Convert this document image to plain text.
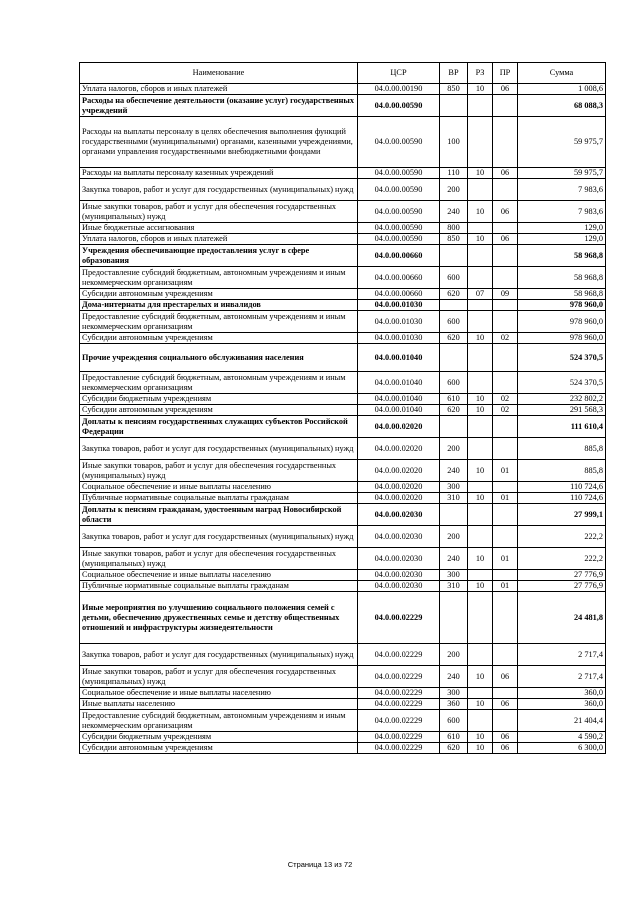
Наименование	ЦСР	ВР	РЗ	ПР	Сумма
Уплата налогов, сборов и иных платежей	04.0.00.00190	850	10	06	1 008,6
Расходы на обеспечение деятельности (оказание услуг) государственных учреждений	04.0.00.00590				68 088,3
Расходы на выплаты персоналу в целях обеспечения выполнения функций государственными (муниципальными) органами, казенными учреждениями, органами управления государственными внебюджетными фондами	04.0.00.00590	100			59 975,7
Расходы на выплаты персоналу казенных учреждений	04.0.00.00590	110	10	06	59 975,7
Закупка товаров, работ и услуг для государственных (муниципальных) нужд	04.0.00.00590	200			7 983,6
Иные закупки товаров, работ и услуг для обеспечения государственных (муниципальных) нужд	04.0.00.00590	240	10	06	7 983,6
Иные бюджетные ассигнования	04.0.00.00590	800			129,0
Уплата налогов, сборов и иных платежей	04.0.00.00590	850	10	06	129,0
Учреждения обеспечивающие предоставления услуг в сфере образования	04.0.00.00660				58 968,8
Предоставление субсидий бюджетным, автономным учреждениям и иным некоммерческим организациям	04.0.00.00660	600			58 968,8
Субсидии автономным учреждениям	04.0.00.00660	620	07	09	58 968,8
Дома-интернаты для престарелых и инвалидов	04.0.00.01030				978 960,0
Предоставление субсидий бюджетным, автономным учреждениям и иным некоммерческим организациям	04.0.00.01030	600			978 960,0
Субсидии автономным учреждениям	04.0.00.01030	620	10	02	978 960,0
Прочие учреждения социального обслуживания населения	04.0.00.01040				524 370,5
Предоставление субсидий бюджетным, автономным учреждениям и иным некоммерческим организациям	04.0.00.01040	600			524 370,5
Субсидии бюджетным учреждениям	04.0.00.01040	610	10	02	232 802,2
Субсидии автономным учреждениям	04.0.00.01040	620	10	02	291 568,3
Доплаты к пенсиям государственных служащих субъектов Российской Федерации	04.0.00.02020				111 610,4
Закупка товаров, работ и услуг для государственных (муниципальных) нужд	04.0.00.02020	200			885,8
Иные закупки товаров, работ и услуг для обеспечения государственных (муниципальных) нужд	04.0.00.02020	240	10	01	885,8
Социальное обеспечение и иные выплаты населению	04.0.00.02020	300			110 724,6
Публичные нормативные социальные выплаты гражданам	04.0.00.02020	310	10	01	110 724,6
Доплаты к пенсиям гражданам, удостоенным наград Новосибирской области	04.0.00.02030				27 999,1
Закупка товаров, работ и услуг для государственных (муниципальных) нужд	04.0.00.02030	200			222,2
Иные закупки товаров, работ и услуг для обеспечения государственных (муниципальных) нужд	04.0.00.02030	240	10	01	222,2
Социальное обеспечение и иные выплаты населению	04.0.00.02030	300			27 776,9
Публичные нормативные социальные выплаты гражданам	04.0.00.02030	310	10	01	27 776,9
Иные мероприятия по улучшению социального положения семей с детьми, обеспечению дружественных семье и детству общественных отношений и инфраструктуры жизнедеятельности	04.0.00.02229				24 481,8
Закупка товаров, работ и услуг для государственных (муниципальных) нужд	04.0.00.02229	200			2 717,4
Иные закупки товаров, работ и услуг для обеспечения государственных (муниципальных) нужд	04.0.00.02229	240	10	06	2 717,4
Социальное обеспечение и иные выплаты населению	04.0.00.02229	300			360,0
Иные выплаты населению	04.0.00.02229	360	10	06	360,0
Предоставление субсидий бюджетным, автономным учреждениям и иным некоммерческим организациям	04.0.00.02229	600			21 404,4
Субсидии бюджетным учреждениям	04.0.00.02229	610	10	06	4 590,2
Субсидии автономным учреждениям	04.0.00.02229	620	10	06	6 300,0
Страница 13 из 72
